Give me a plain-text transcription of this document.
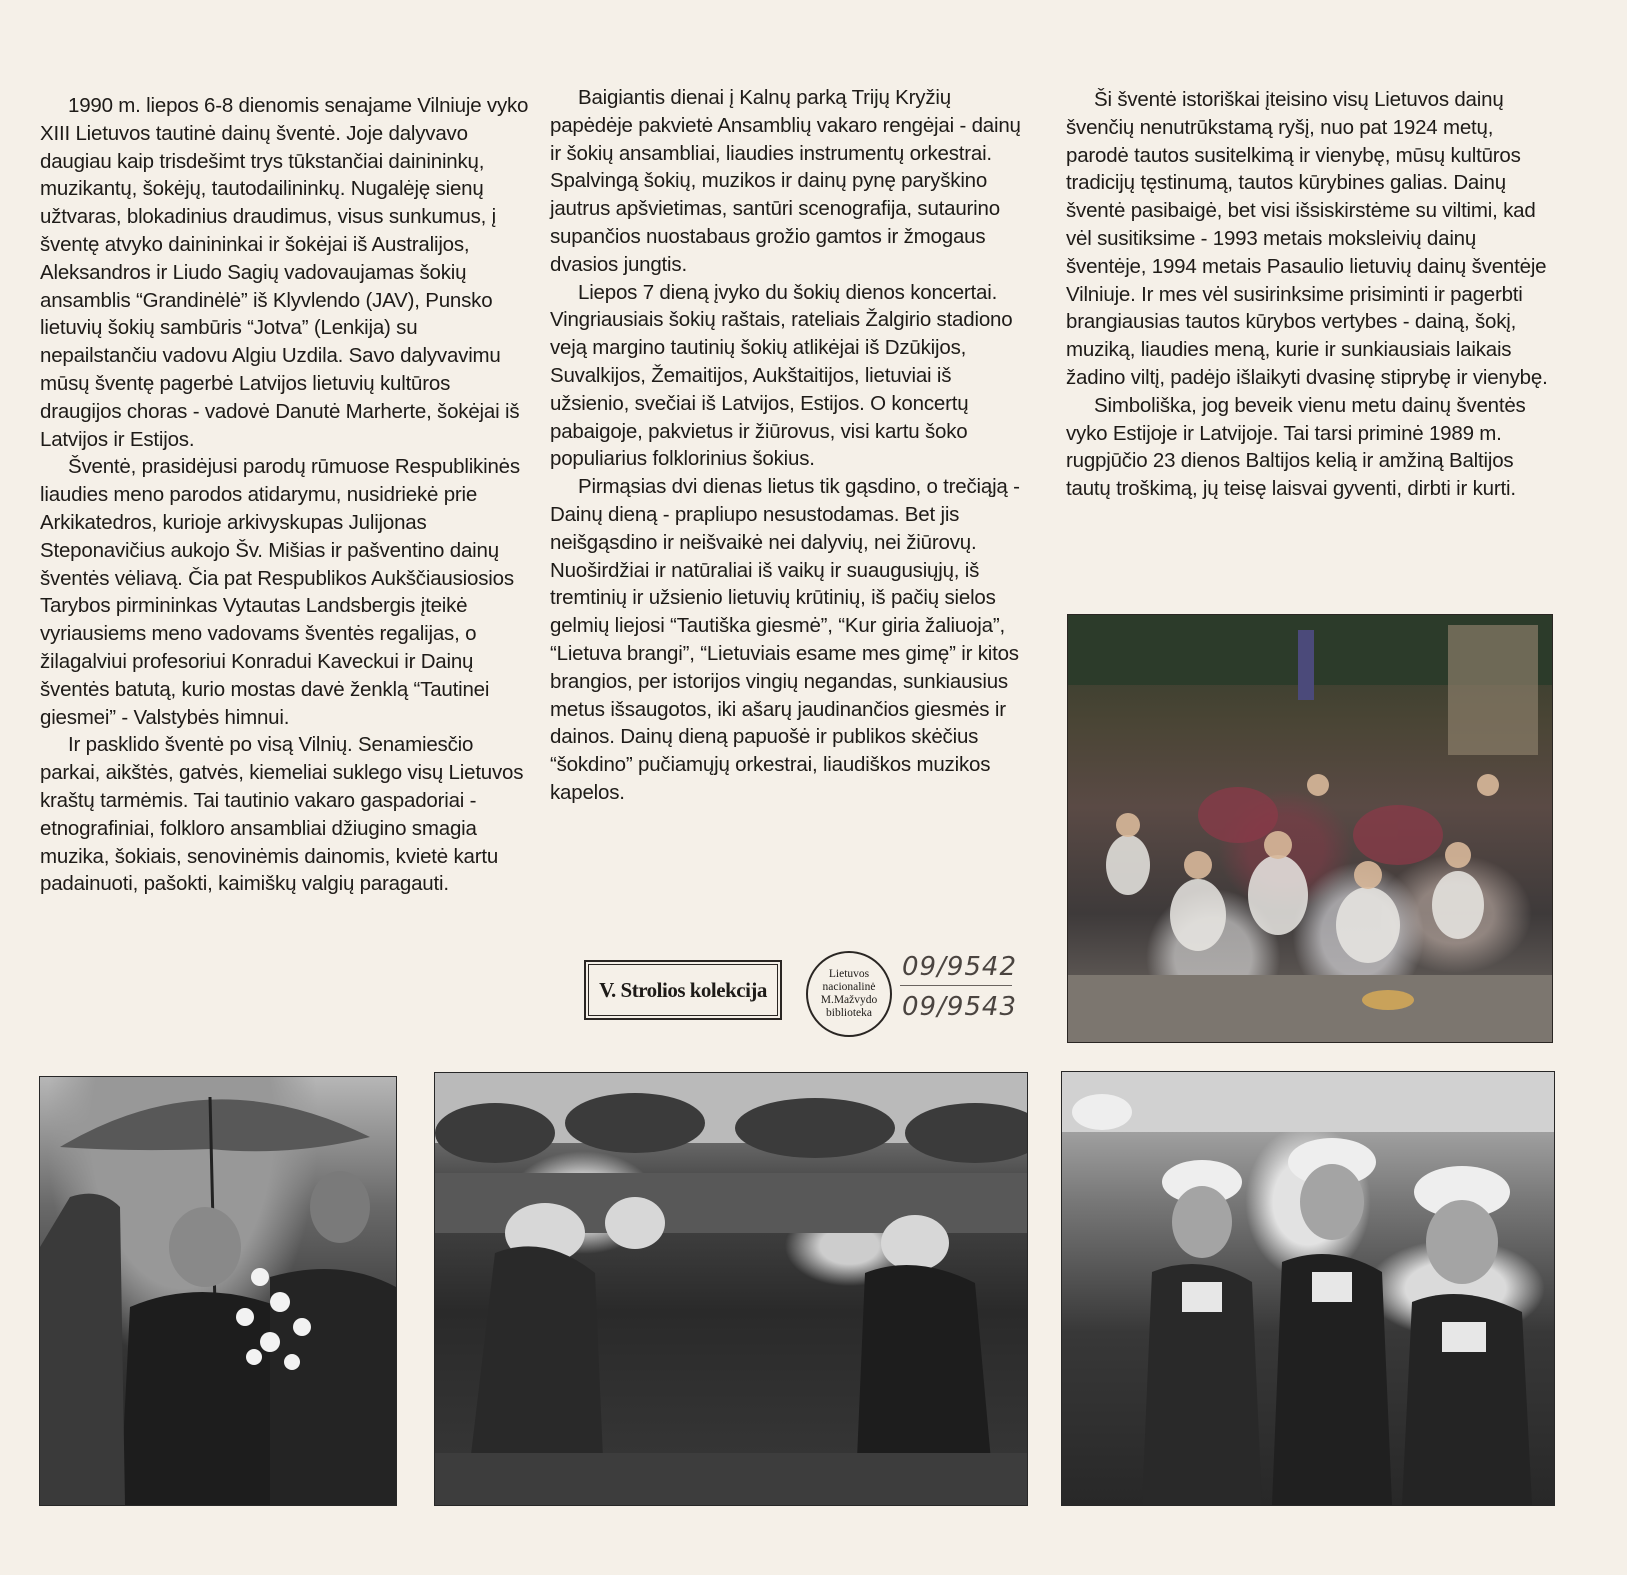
1990 m. liepos 6-8 dienomis senajame Vilniuje vyko XIII Lietuvos tautinė dainų šventė. Joje dalyvavo daugiau kaip trisdešimt trys tūkstančiai dainininkų, muzikantų, šokėjų, tautodailininkų. Nugalėję sienų užtvaras, blokadinius draudimus, visus sunkumus, į šventę atvyko dainininkai ir šokėjai iš Australijos, Aleksandros ir Liudo Sagių vadovaujamas šokių ansamblis “Grandinėlė” iš Klyvlendo (JAV), Punsko lietuvių šokių sambūris “Jotva” (Lenkija) su nepailstančiu vadovu Algiu Uzdila. Savo dalyvavimu mūsų šventę pagerbė Latvijos lietuvių kultūros draugijos choras - vadovė Danutė Marherte, šokėjai iš Latvijos ir Estijos.

Šventė, prasidėjusi parodų rūmuose Respublikinės liaudies meno parodos atidarymu, nusidriekė prie Arkikatedros, kurioje arkivyskupas Julijonas Steponavičius aukojo Šv. Mišias ir pašventino dainų šventės vėliavą. Čia pat Respublikos Aukščiausiosios Tarybos pirmininkas Vytautas Landsbergis įteikė vyriausiems meno vadovams šventės regalijas, o žilagalviui profesoriui Konradui Kaveckui ir Dainų šventės batutą, kurio mostas davė ženklą “Tautinei giesmei” - Valstybės himnui.

Ir pasklido šventė po visą Vilnių. Senamiesčio parkai, aikštės, gatvės, kiemeliai suklego visų Lietuvos kraštų tarmėmis. Tai tautinio vakaro gaspadoriai - etnografiniai, folkloro ansambliai džiugino smagia muzika, šokiais, senovinėmis dainomis, kvietė kartu padainuoti, pašokti, kaimiškų valgių paragauti.

Baigiantis dienai į Kalnų parką Trijų Kryžių papėdėje pakvietė Ansamblių vakaro rengėjai - dainų ir šokių ansambliai, liaudies instrumentų orkestrai. Spalvingą šokių, muzikos ir dainų pynę paryškino jautrus apšvietimas, santūri scenografija, sutaurino supančios nuostabaus grožio gamtos ir žmogaus dvasios jungtis.

Liepos 7 dieną įvyko du šokių dienos koncertai. Vingriausiais šokių raštais, rateliais Žalgirio stadiono veją margino tautinių šokių atlikėjai iš Dzūkijos, Suvalkijos, Žemaitijos, Aukštaitijos, lietuviai iš užsienio, svečiai iš Latvijos, Estijos. O koncertų pabaigoje, pakvietus ir žiūrovus, visi kartu šoko populiarius folklorinius šokius.

Pirmąsias dvi dienas lietus tik gąsdino, o trečiąją - Dainų dieną - prapliupo nesustodamas. Bet jis neišgąsdino ir neišvaikė nei dalyvių, nei žiūrovų. Nuoširdžiai ir natūraliai iš vaikų ir suaugusiųjų, iš tremtinių ir užsienio lietuvių krūtinių, iš pačių sielos gelmių liejosi “Tautiška giesmė”, “Kur giria žaliuoja”, “Lietuva brangi”, “Lietuviais esame mes gimę” ir kitos brangios, per istorijos vingių negandas, sunkiausius metus išsaugotos, iki ašarų jaudinančios giesmės ir dainos. Dainų dieną papuošė ir publikos skėčius “šokdino” pučiamųjų orkestrai, liaudiškos muzikos kapelos.

Ši šventė istoriškai įteisino visų Lietuvos dainų švenčių nenutrūkstamą ryšį, nuo pat 1924 metų, parodė tautos susitelkimą ir vienybę, mūsų kultūros tradicijų tęstinumą, tautos kūrybines galias. Dainų šventė pasibaigė, bet visi išsiskirstėme su viltimi, kad vėl susitiksime - 1993 metais moksleivių dainų šventėje, 1994 metais Pasaulio lietuvių dainų šventėje Vilniuje. Ir mes vėl susirinksime prisiminti ir pagerbti brangiausias tautos kūrybos vertybes - dainą, šokį, muziką, liaudies meną, kurie ir sunkiausiais laikais žadino viltį, padėjo išlaikyti dvasinę stiprybę ir vienybę.

Simboliška, jog beveik vienu metu dainų šventės vyko Estijoje ir Latvijoje. Tai tarsi priminė 1989 m. rugpjūčio 23 dienos Baltijos kelią ir amžiną Baltijos tautų troškimą, jų teisę laisvai gyventi, dirbti ir kurti.

V. Strolios kolekcija
Lietuvos
nacionalinė
M.Mažvydo
biblioteka
09/9542
09/9543
